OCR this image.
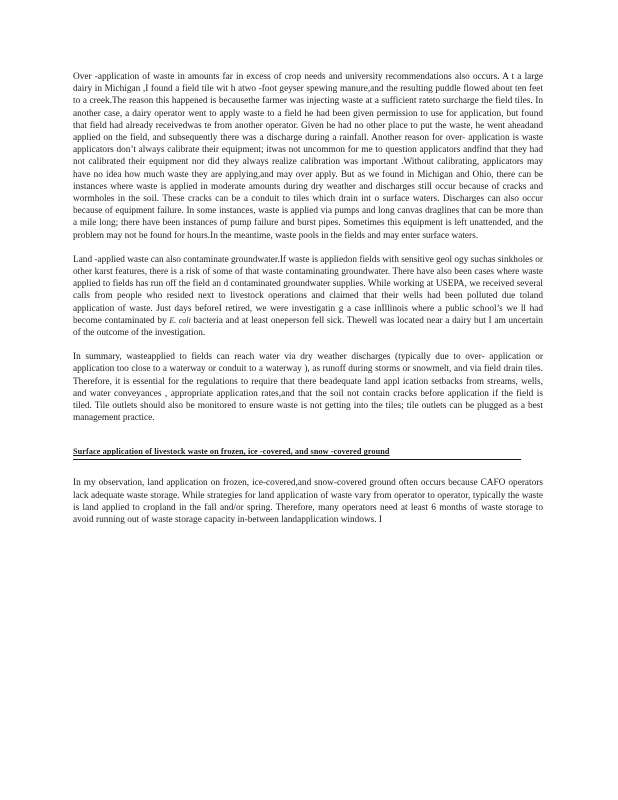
Over -application of waste in amounts far in excess of crop needs and university recommendations also occurs. A t a large dairy in Michigan ,I found a field tile wit h atwo -foot geyser spewing manure,and the resulting puddle flowed about ten feet to a creek.The reason this happened is becausethe farmer was injecting waste at a sufficient rateto surcharge the field tiles. In another case, a dairy operator went to apply waste to a field he had been given permission to use for application, but found that field had already receivedwas te from another operator. Given he had no other place to put the waste, he went aheadand applied on the field, and subsequently there was a discharge during a rainfall. Another reason for over- application is waste applicators don’t always calibrate their equipment; itwas not uncommon for me to question applicators andfind that they had not calibrated their equipment nor did they always realize calibration was important .Without calibrating, applicators may have no idea how much waste they are applying,and may over apply. But as we found in Michigan and Ohio, there can be instances where waste is applied in moderate amounts during dry weather and discharges still occur because of cracks and wormholes in the soil. These cracks can be a conduit to tiles which drain int o surface waters. Discharges can also occur because of equipment failure. In some instances, waste is applied via pumps and long canvas draglines that can be more than a mile long; there have been instances of pump failure and burst pipes. Sometimes this equipment is left unattended, and the problem may not be found for hours.In the meantime, waste pools in the fields and may enter surface waters.

Land -applied waste can also contaminate groundwater.If waste is appliedon fields with sensitive geol ogy suchas sinkholes or other karst features, there is a risk of some of that waste contaminating groundwater. There have also been cases where waste applied to fields has run off the field an d contaminated groundwater supplies. While working at USEPA, we received several calls from people who resided next to livestock operations and claimed that their wells had been polluted due toland application of waste. Just days beforeI retired, we were investigatin g a case inIllinois where a public school’s we ll had become contaminated by E. coli bacteria and at least oneperson fell sick. Thewell was located near a dairy but I am uncertain of the outcome of the investigation.

In summary, wasteapplied to fields can reach water via dry weather discharges (typically due to over- application or application too close to a waterway or conduit to a waterway ), as runoff during storms or snowmelt, and via field drain tiles. Therefore, it is essential for the regulations to require that there beadequate land appl ication setbacks from streams, wells, and water conveyances , appropriate application rates,and that the soil not contain cracks before application if the field is tiled. Tile outlets should also be monitored to ensure waste is not getting into the tiles; tile outlets can be plugged as a best management practice.

Surface application of livestock waste on frozen, ice -covered, and snow -covered ground

In my observation, land application on frozen, ice-covered,and snow-covered ground often occurs because CAFO operators lack adequate waste storage. While strategies for land application of waste vary from operator to operator, typically the waste is land applied to cropland in the fall and/or spring. Therefore, many operators need at least 6 months of waste storage to avoid running out of waste storage capacity in-between landapplication windows. I
